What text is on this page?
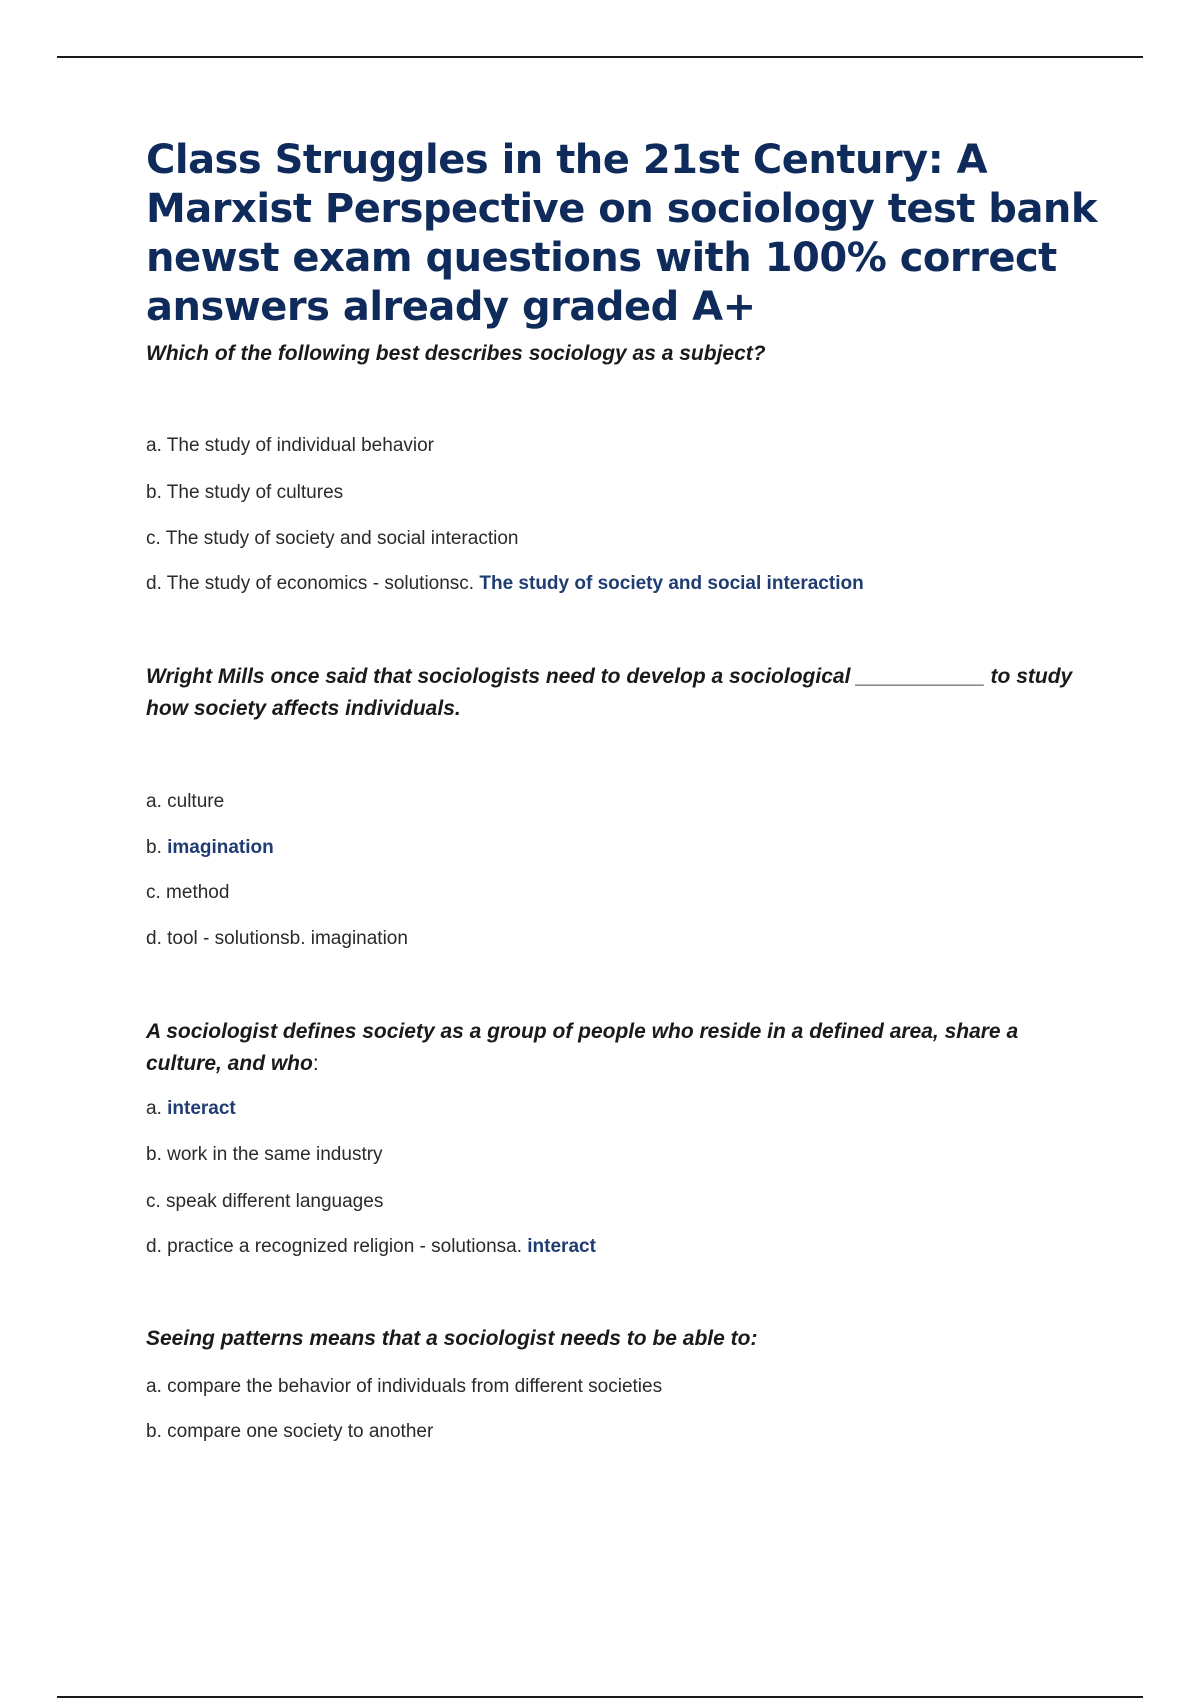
Class Struggles in the 21st Century: A Marxist Perspective on sociology test bank newst exam questions with 100% correct answers already graded A+

Which of the following best describes sociology as a subject?

a. The study of individual behavior

b. The study of cultures

c. The study of society and social interaction

d. The study of economics - solutionsc. The study of society and social interaction

Wright Mills once said that sociologists need to develop a sociological ___________ to study how society affects individuals.

a. culture

b. imagination

c. method

d. tool - solutionsb. imagination

A sociologist defines society as a group of people who reside in a defined area, share a culture, and who:

a. interact

b. work in the same industry

c. speak different languages

d. practice a recognized religion - solutionsa. interact

Seeing patterns means that a sociologist needs to be able to:

a. compare the behavior of individuals from different societies

b. compare one society to another
